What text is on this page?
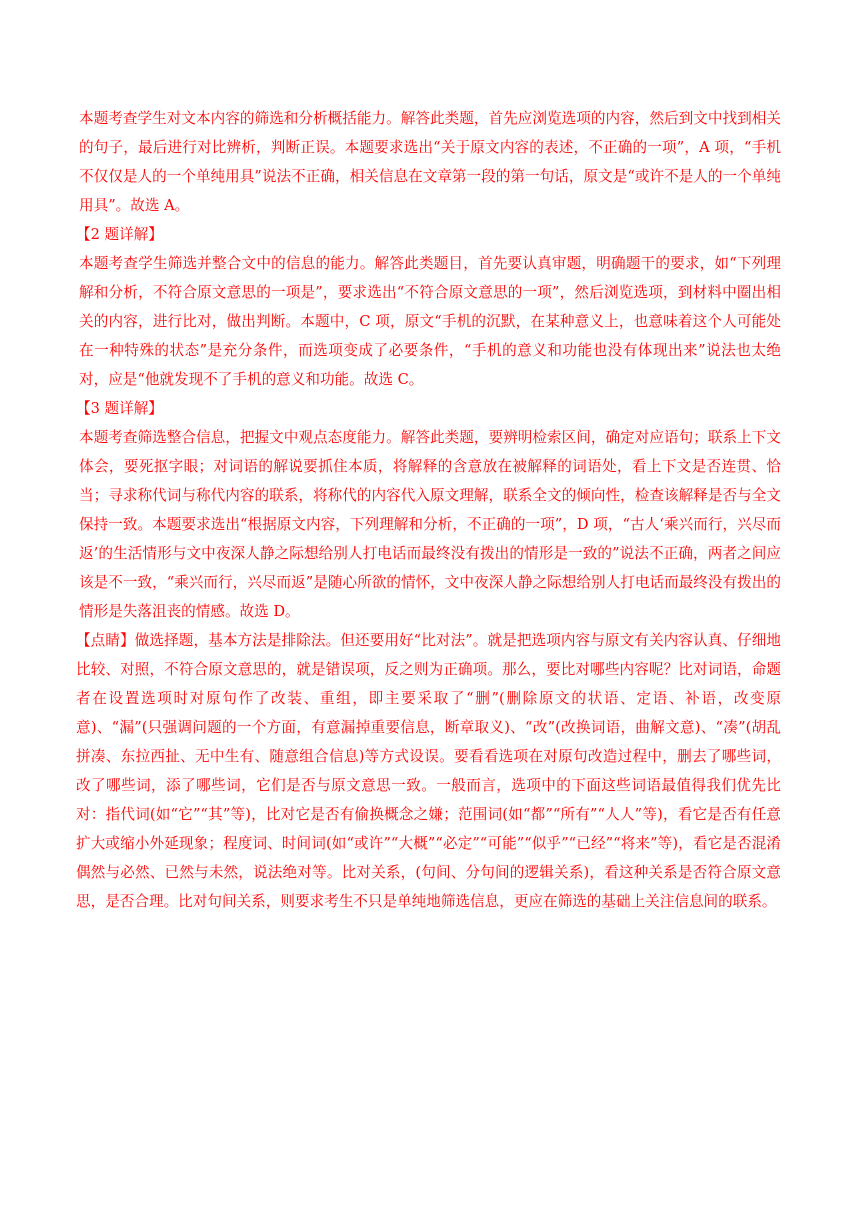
本题考查学生对文本内容的筛选和分析概括能力。解答此类题，首先应浏览选项的内容，然后到文中找到相关的句子，最后进行对比辨析，判断正误。本题要求选出“关于原文内容的表述，不正确的一项”，A 项，“手机不仅仅是人的一个单纯用具”说法不正确，相关信息在文章第一段的第一句话，原文是“或许不是人的一个单纯用具”。故选 A。

【2 题详解】

本题考查学生筛选并整合文中的信息的能力。解答此类题目，首先要认真审题，明确题干的要求，如“下列理解和分析，不符合原文意思的一项是”，要求选出“不符合原文意思的一项”，然后浏览选项，到材料中圈出相关的内容，进行比对，做出判断。本题中，C 项，原文“手机的沉默，在某种意义上，也意味着这个人可能处在一种特殊的状态”是充分条件，而选项变成了必要条件，“手机的意义和功能也没有体现出来”说法也太绝对，应是“他就发现不了手机的意义和功能。故选 C。

【3 题详解】

本题考查筛选整合信息，把握文中观点态度能力。解答此类题，要辨明检索区间，确定对应语句；联系上下文体会，要死抠字眼；对词语的解说要抓住本质，将解释的含意放在被解释的词语处，看上下文是否连贯、恰当；寻求称代词与称代内容的联系，将称代的内容代入原文理解，联系全文的倾向性，检查该解释是否与全文保持一致。本题要求选出“根据原文内容，下列理解和分析，不正确的一项”，D 项，“古人‘乘兴而行，兴尽而返’的生活情形与文中夜深人静之际想给别人打电话而最终没有拨出的情形是一致的”说法不正确，两者之间应该是不一致，“乘兴而行，兴尽而返”是随心所欲的情怀，文中夜深人静之际想给别人打电话而最终没有拨出的情形是失落沮丧的情感。故选 D。

【点睛】做选择题，基本方法是排除法。但还要用好“比对法”。就是把选项内容与原文有关内容认真、仔细地比较、对照，不符合原文意思的，就是错误项，反之则为正确项。那么，要比对哪些内容呢？比对词语，命题者在设置选项时对原句作了改装、重组，即主要采取了“删”(删除原文的状语、定语、补语，改变原意)、“漏”(只强调问题的一个方面，有意漏掉重要信息，断章取义)、“改”(改换词语，曲解文意)、“凑”(胡乱拼凑、东拉西扯、无中生有、随意组合信息)等方式设误。要看看选项在对原句改造过程中，删去了哪些词，改了哪些词，添了哪些词，它们是否与原文意思一致。一般而言，选项中的下面这些词语最值得我们优先比对：指代词(如“它”“其”等)，比对它是否有偷换概念之嫌；范围词(如“都”“所有”“人人”等)，看它是否有任意扩大或缩小外延现象；程度词、时间词(如“或许”“大概”“必定”“可能”“似乎”“已经”“将来”等)，看它是否混淆偶然与必然、已然与未然，说法绝对等。比对关系，(句间、分句间的逻辑关系)，看这种关系是否符合原文意思，是否合理。比对句间关系，则要求考生不只是单纯地筛选信息，更应在筛选的基础上关注信息间的联系。
